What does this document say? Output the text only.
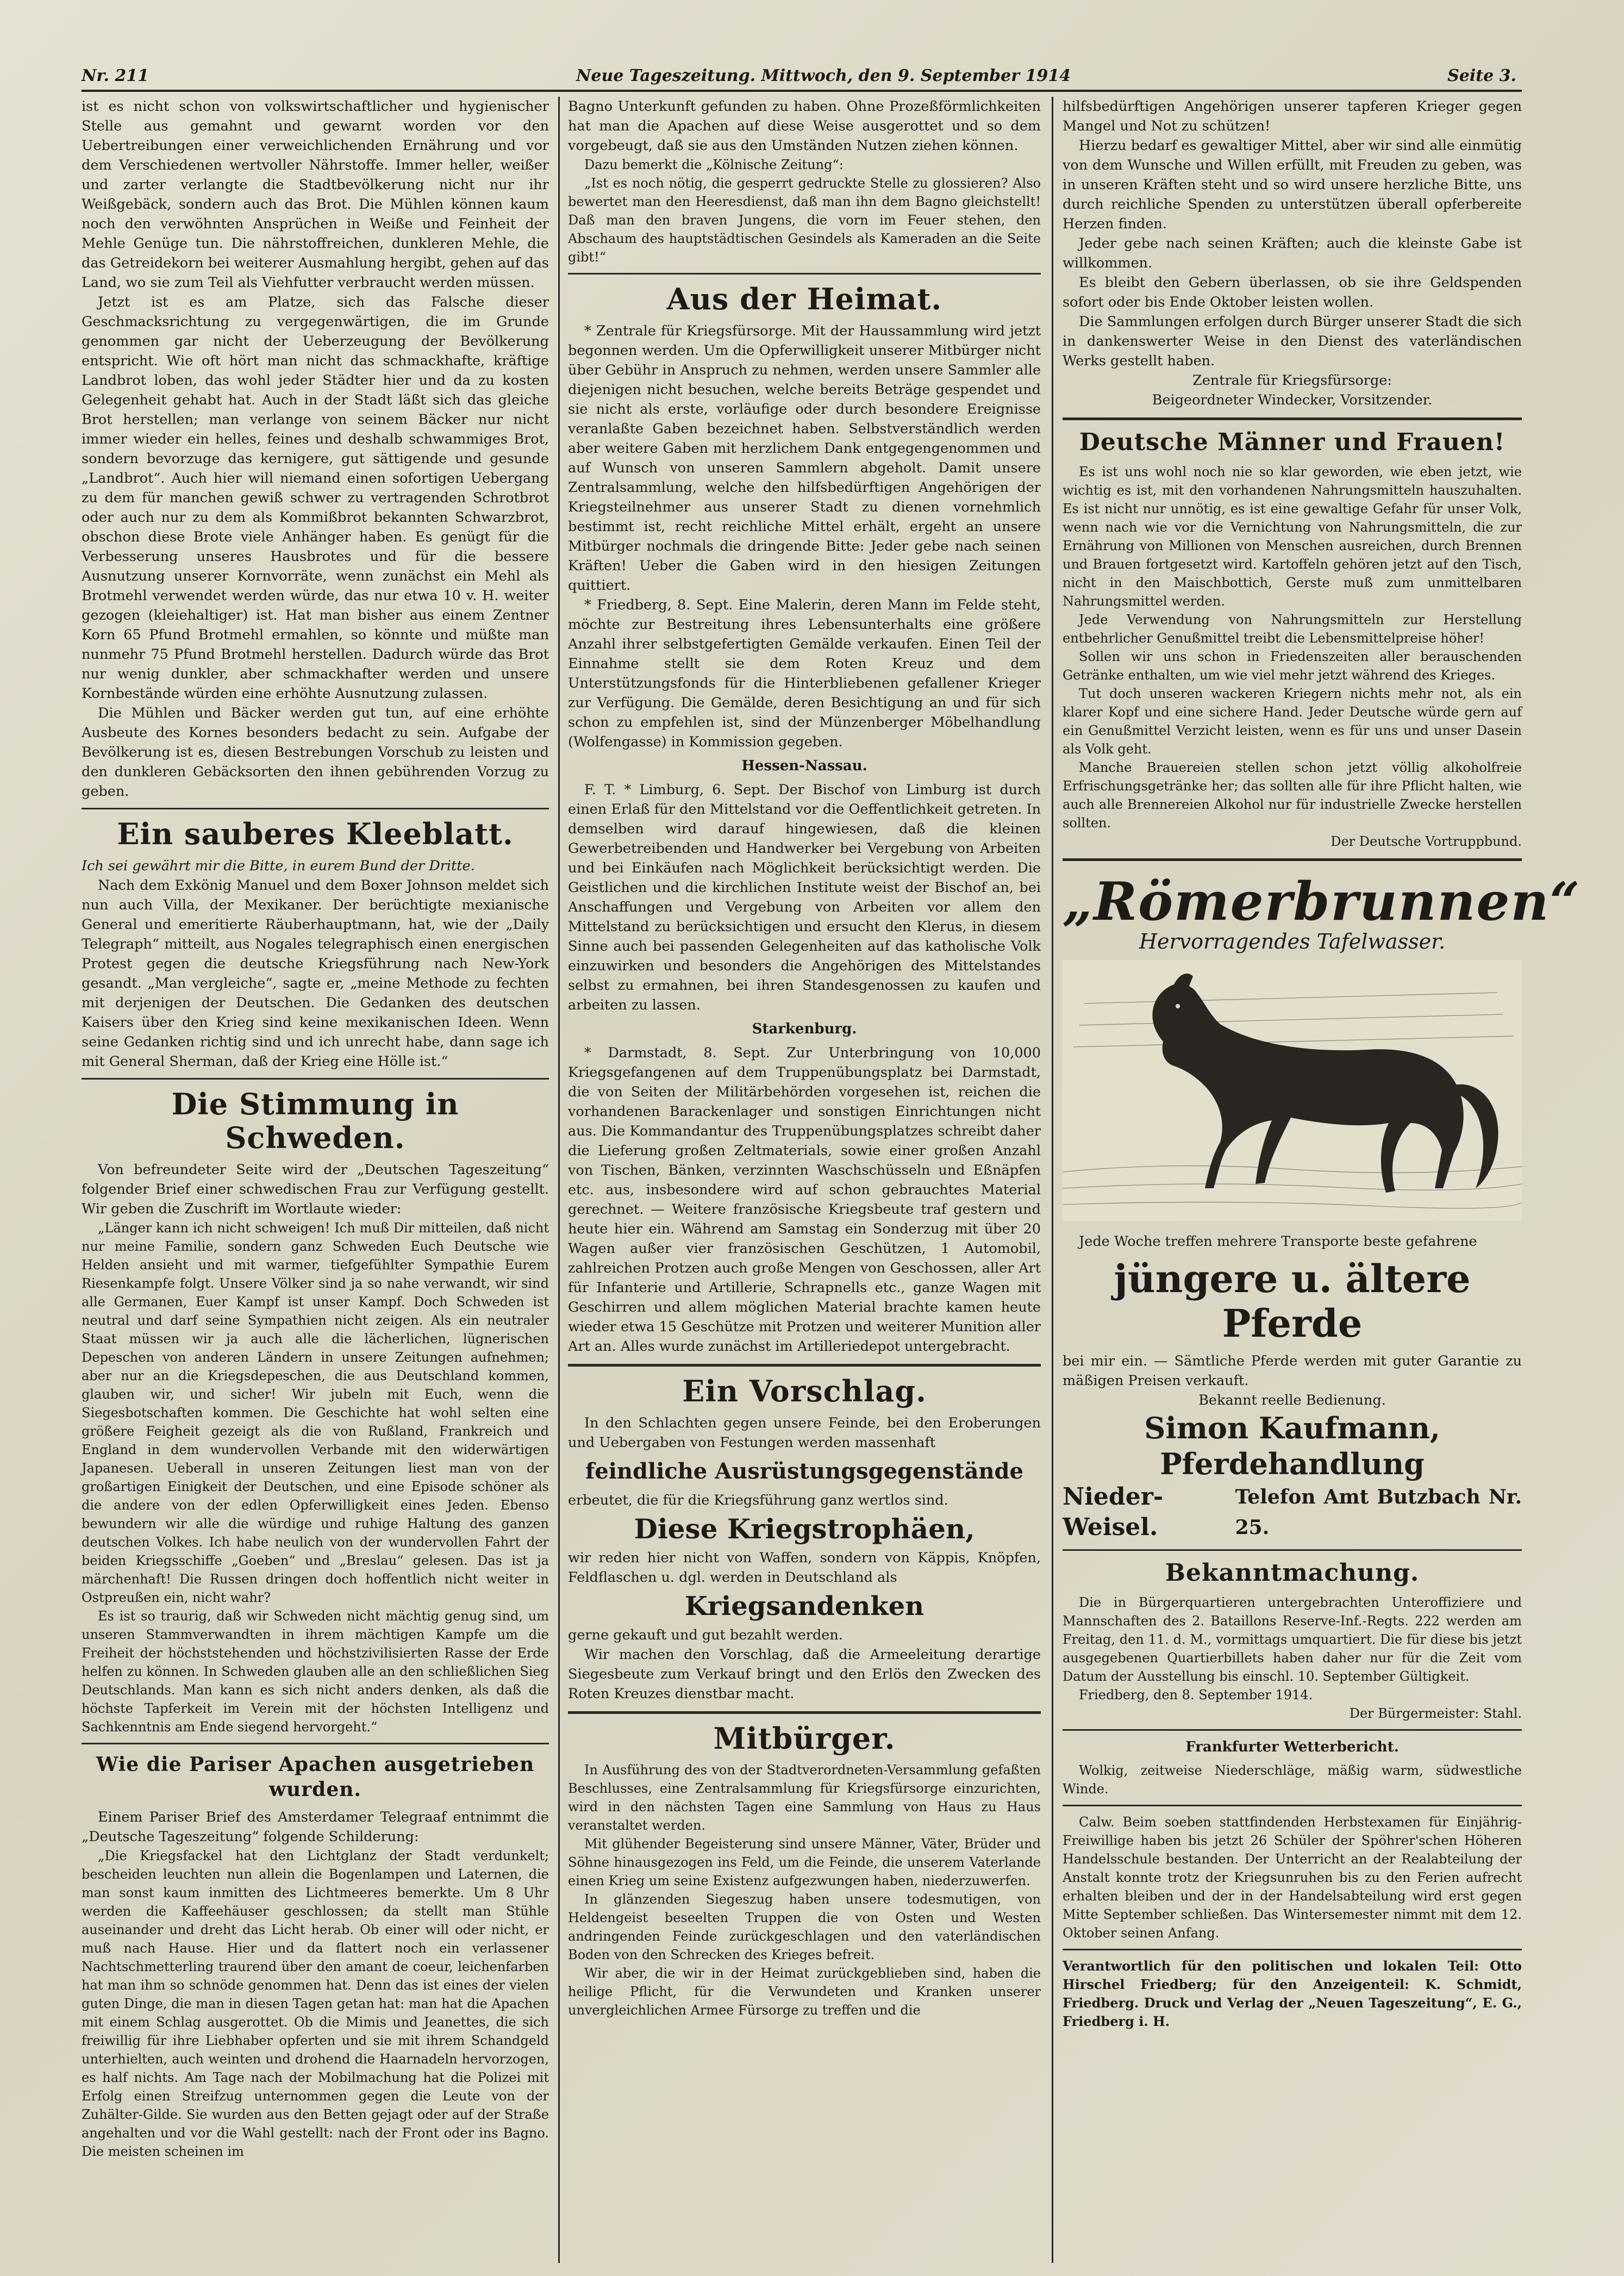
Nr. 211	Neue Tageszeitung. Mittwoch, den 9. September 1914	Seite 3.

ist es nicht schon von volkswirtschaftlicher und hygienischer Stelle aus gemahnt und gewarnt worden vor den Uebertreibungen einer verweichlichenden Ernährung und vor dem Verschiedenen wertvoller Nährstoffe. Immer heller, weißer und zarter verlangte die Stadtbevölkerung nicht nur ihr Weißgebäck, sondern auch das Brot. Die Mühlen können kaum noch den verwöhnten Ansprüchen in Weiße und Feinheit der Mehle Genüge tun. Die nährstoffreichen, dunkleren Mehle, die das Getreidekorn bei weiterer Ausmahlung hergibt, gehen auf das Land, wo sie zum Teil als Viehfutter verbraucht werden müssen.

Jetzt ist es am Platze, sich das Falsche dieser Geschmacksrichtung zu vergegenwärtigen, die im Grunde genommen gar nicht der Ueberzeugung der Bevölkerung entspricht. Wie oft hört man nicht das schmackhafte, kräftige Landbrot loben, das wohl jeder Städter hier und da zu kosten Gelegenheit gehabt hat. Auch in der Stadt läßt sich das gleiche Brot herstellen; man verlange von seinem Bäcker nur nicht immer wieder ein helles, feines und deshalb schwammiges Brot, sondern bevorzuge das kernigere, gut sättigende und gesunde „Landbrot“. Auch hier will niemand einen sofortigen Uebergang zu dem für manchen gewiß schwer zu vertragenden Schrotbrot oder auch nur zu dem als Kommißbrot bekannten Schwarzbrot, obschon diese Brote viele Anhänger haben. Es genügt für die Verbesserung unseres Hausbrotes und für die bessere Ausnutzung unserer Kornvorräte, wenn zunächst ein Mehl als Brotmehl verwendet werden würde, das nur etwa 10 v. H. weiter gezogen (kleiehaltiger) ist. Hat man bisher aus einem Zentner Korn 65 Pfund Brotmehl ermahlen, so könnte und müßte man nunmehr 75 Pfund Brotmehl herstellen. Dadurch würde das Brot nur wenig dunkler, aber schmackhafter werden und unsere Kornbestände würden eine erhöhte Ausnutzung zulassen.

Die Mühlen und Bäcker werden gut tun, auf eine erhöhte Ausbeute des Kornes besonders bedacht zu sein. Aufgabe der Bevölkerung ist es, diesen Bestrebungen Vorschub zu leisten und den dunkleren Gebäcksorten den ihnen gebührenden Vorzug zu geben.

Ein sauberes Kleeblatt.

Ich sei gewährt mir die Bitte, in eurem Bund der Dritte.

Nach dem Exkönig Manuel und dem Boxer Johnson meldet sich nun auch Villa, der Mexikaner. Der berüchtigte mexianische General und emeritierte Räuberhauptmann, hat, wie der „Daily Telegraph“ mitteilt, aus Nogales telegraphisch einen energischen Protest gegen die deutsche Kriegsführung nach New-York gesandt. „Man vergleiche“, sagte er, „meine Methode zu fechten mit derjenigen der Deutschen. Die Gedanken des deutschen Kaisers über den Krieg sind keine mexikanischen Ideen. Wenn seine Gedanken richtig sind und ich unrecht habe, dann sage ich mit General Sherman, daß der Krieg eine Hölle ist.“

Die Stimmung in Schweden.

Von befreundeter Seite wird der „Deutschen Tageszeitung“ folgender Brief einer schwedischen Frau zur Verfügung gestellt. Wir geben die Zuschrift im Wortlaute wieder:

„Länger kann ich nicht schweigen! Ich muß Dir mitteilen, daß nicht nur meine Familie, sondern ganz Schweden Euch Deutsche wie Helden ansieht und mit warmer, tiefgefühlter Sympathie Eurem Riesenkampfe folgt. Unsere Völker sind ja so nahe verwandt, wir sind alle Germanen, Euer Kampf ist unser Kampf. Doch Schweden ist neutral und darf seine Sympathien nicht zeigen. Als ein neutraler Staat müssen wir ja auch alle die lächerlichen, lügnerischen Depeschen von anderen Ländern in unsere Zeitungen aufnehmen; aber nur an die Kriegsdepeschen, die aus Deutschland kommen, glauben wir, und sicher! Wir jubeln mit Euch, wenn die Siegesbotschaften kommen. Die Geschichte hat wohl selten eine größere Feigheit gezeigt als die von Rußland, Frankreich und England in dem wundervollen Verbande mit den widerwärtigen Japanesen. Ueberall in unseren Zeitungen liest man von der großartigen Einigkeit der Deutschen, und eine Episode schöner als die andere von der edlen Opferwilligkeit eines Jeden. Ebenso bewundern wir alle die würdige und ruhige Haltung des ganzen deutschen Volkes. Ich habe neulich von der wundervollen Fahrt der beiden Kriegsschiffe „Goeben“ und „Breslau“ gelesen. Das ist ja märchenhaft! Die Russen dringen doch hoffentlich nicht weiter in Ostpreußen ein, nicht wahr?

Es ist so traurig, daß wir Schweden nicht mächtig genug sind, um unseren Stammverwandten in ihrem mächtigen Kampfe um die Freiheit der höchststehenden und höchstzivilisierten Rasse der Erde helfen zu können. In Schweden glauben alle an den schließlichen Sieg Deutschlands. Man kann es sich nicht anders denken, als daß die höchste Tapferkeit im Verein mit der höchsten Intelligenz und Sachkenntnis am Ende siegend hervorgeht.“

Wie die Pariser Apachen ausgetrieben wurden.

Einem Pariser Brief des Amsterdamer Telegraaf entnimmt die „Deutsche Tageszeitung“ folgende Schilderung:

„Die Kriegsfackel hat den Lichtglanz der Stadt verdunkelt; bescheiden leuchten nun allein die Bogenlampen und Laternen, die man sonst kaum inmitten des Lichtmeeres bemerkte. Um 8 Uhr werden die Kaffeehäuser geschlossen; da stellt man Stühle auseinander und dreht das Licht herab. Ob einer will oder nicht, er muß nach Hause. Hier und da flattert noch ein verlassener Nachtschmetterling traurend über den amant de coeur, leichenfarben hat man ihm so schnöde genommen hat. Denn das ist eines der vielen guten Dinge, die man in diesen Tagen getan hat: man hat die Apachen mit einem Schlag ausgerottet. Ob die Mimis und Jeanettes, die sich freiwillig für ihre Liebhaber opferten und sie mit ihrem Schandgeld unterhielten, auch weinten und drohend die Haarnadeln hervorzogen, es half nichts. Am Tage nach der Mobilmachung hat die Polizei mit Erfolg einen Streifzug unternommen gegen die Leute von der Zuhälter-Gilde. Sie wurden aus den Betten gejagt oder auf der Straße angehalten und vor die Wahl gestellt: nach der Front oder ins Bagno. Die meisten scheinen im

Bagno Unterkunft gefunden zu haben. Ohne Prozeßförmlichkeiten hat man die Apachen auf diese Weise ausgerottet und so dem vorgebeugt, daß sie aus den Umständen Nutzen ziehen können.

Dazu bemerkt die „Kölnische Zeitung“:

„Ist es noch nötig, die gesperrt gedruckte Stelle zu glossieren? Also bewertet man den Heeresdienst, daß man ihn dem Bagno gleichstellt! Daß man den braven Jungens, die vorn im Feuer stehen, den Abschaum des hauptstädtischen Gesindels als Kameraden an die Seite gibt!“

Aus der Heimat.

* Zentrale für Kriegsfürsorge. Mit der Haussammlung wird jetzt begonnen werden. Um die Opferwilligkeit unserer Mitbürger nicht über Gebühr in Anspruch zu nehmen, werden unsere Sammler alle diejenigen nicht besuchen, welche bereits Beträge gespendet und sie nicht als erste, vorläufige oder durch besondere Ereignisse veranlaßte Gaben bezeichnet haben. Selbstverständlich werden aber weitere Gaben mit herzlichem Dank entgegengenommen und auf Wunsch von unseren Sammlern abgeholt. Damit unsere Zentralsammlung, welche den hilfsbedürftigen Angehörigen der Kriegsteilnehmer aus unserer Stadt zu dienen vornehmlich bestimmt ist, recht reichliche Mittel erhält, ergeht an unsere Mitbürger nochmals die dringende Bitte: Jeder gebe nach seinen Kräften! Ueber die Gaben wird in den hiesigen Zeitungen quittiert.

* Friedberg, 8. Sept. Eine Malerin, deren Mann im Felde steht, möchte zur Bestreitung ihres Lebensunterhalts eine größere Anzahl ihrer selbstgefertigten Gemälde verkaufen. Einen Teil der Einnahme stellt sie dem Roten Kreuz und dem Unterstützungsfonds für die Hinterbliebenen gefallener Krieger zur Verfügung. Die Gemälde, deren Besichtigung an und für sich schon zu empfehlen ist, sind der Münzenberger Möbelhandlung (Wolfengasse) in Kommission gegeben.

Hessen-Nassau.

F. T. * Limburg, 6. Sept. Der Bischof von Limburg ist durch einen Erlaß für den Mittelstand vor die Oeffentlichkeit getreten. In demselben wird darauf hingewiesen, daß die kleinen Gewerbetreibenden und Handwerker bei Vergebung von Arbeiten und bei Einkäufen nach Möglichkeit berücksichtigt werden. Die Geistlichen und die kirchlichen Institute weist der Bischof an, bei Anschaffungen und Vergebung von Arbeiten vor allem den Mittelstand zu berücksichtigen und ersucht den Klerus, in diesem Sinne auch bei passenden Gelegenheiten auf das katholische Volk einzuwirken und besonders die Angehörigen des Mittelstandes selbst zu ermahnen, bei ihren Standesgenossen zu kaufen und arbeiten zu lassen.

Starkenburg.

* Darmstadt, 8. Sept. Zur Unterbringung von 10,000 Kriegsgefangenen auf dem Truppenübungsplatz bei Darmstadt, die von Seiten der Militärbehörden vorgesehen ist, reichen die vorhandenen Barackenlager und sonstigen Einrichtungen nicht aus. Die Kommandantur des Truppenübungsplatzes schreibt daher die Lieferung großen Zeltmaterials, sowie einer großen Anzahl von Tischen, Bänken, verzinnten Waschschüsseln und Eßnäpfen etc. aus, insbesondere wird auf schon gebrauchtes Material gerechnet. — Weitere französische Kriegsbeute traf gestern und heute hier ein. Während am Samstag ein Sonderzug mit über 20 Wagen außer vier französischen Geschützen, 1 Automobil, zahlreichen Protzen auch große Mengen von Geschossen, aller Art für Infanterie und Artillerie, Schrapnells etc., ganze Wagen mit Geschirren und allem möglichen Material brachte kamen heute wieder etwa 15 Geschütze mit Protzen und weiterer Munition aller Art an. Alles wurde zunächst im Artilleriedepot untergebracht.

Ein Vorschlag.

In den Schlachten gegen unsere Feinde, bei den Eroberungen und Uebergaben von Festungen werden massenhaft

feindliche Ausrüstungsgegenstände

erbeutet, die für die Kriegsführung ganz wertlos sind.

Diese Kriegstrophäen,

wir reden hier nicht von Waffen, sondern von Käppis, Knöpfen, Feldflaschen u. dgl. werden in Deutschland als

Kriegsandenken

gerne gekauft und gut bezahlt werden.

Wir machen den Vorschlag, daß die Armeeleitung derartige Siegesbeute zum Verkauf bringt und den Erlös den Zwecken des Roten Kreuzes dienstbar macht.

Mitbürger.

In Ausführung des von der Stadtverordneten-Versammlung gefaßten Beschlusses, eine Zentralsammlung für Kriegsfürsorge einzurichten, wird in den nächsten Tagen eine Sammlung von Haus zu Haus veranstaltet werden.

Mit glühender Begeisterung sind unsere Männer, Väter, Brüder und Söhne hinausgezogen ins Feld, um die Feinde, die unserem Vaterlande einen Krieg um seine Existenz aufgezwungen haben, niederzuwerfen.

In glänzenden Siegeszug haben unsere todesmutigen, von Heldengeist beseelten Truppen die von Osten und Westen andringenden Feinde zurückgeschlagen und den vaterländischen Boden von den Schrecken des Krieges befreit.

Wir aber, die wir in der Heimat zurückgeblieben sind, haben die heilige Pflicht, für die Verwundeten und Kranken unserer unvergleichlichen Armee Fürsorge zu treffen und die

hilfsbedürftigen Angehörigen unserer tapferen Krieger gegen Mangel und Not zu schützen!

Hierzu bedarf es gewaltiger Mittel, aber wir sind alle einmütig von dem Wunsche und Willen erfüllt, mit Freuden zu geben, was in unseren Kräften steht und so wird unsere herzliche Bitte, uns durch reichliche Spenden zu unterstützen überall opferbereite Herzen finden.

Jeder gebe nach seinen Kräften; auch die kleinste Gabe ist willkommen.

Es bleibt den Gebern überlassen, ob sie ihre Geldspenden sofort oder bis Ende Oktober leisten wollen.

Die Sammlungen erfolgen durch Bürger unserer Stadt die sich in dankenswerter Weise in den Dienst des vaterländischen Werks gestellt haben.

Zentrale für Kriegsfürsorge:

Beigeordneter Windecker, Vorsitzender.

Deutsche Männer und Frauen!

Es ist uns wohl noch nie so klar geworden, wie eben jetzt, wie wichtig es ist, mit den vorhandenen Nahrungsmitteln hauszuhalten. Es ist nicht nur unnötig, es ist eine gewaltige Gefahr für unser Volk, wenn nach wie vor die Vernichtung von Nahrungsmitteln, die zur Ernährung von Millionen von Menschen ausreichen, durch Brennen und Brauen fortgesetzt wird. Kartoffeln gehören jetzt auf den Tisch, nicht in den Maischbottich, Gerste muß zum unmittelbaren Nahrungsmittel werden.

Jede Verwendung von Nahrungsmitteln zur Herstellung entbehrlicher Genußmittel treibt die Lebensmittelpreise höher!

Sollen wir uns schon in Friedenszeiten aller berauschenden Getränke enthalten, um wie viel mehr jetzt während des Krieges.

Tut doch unseren wackeren Kriegern nichts mehr not, als ein klarer Kopf und eine sichere Hand. Jeder Deutsche würde gern auf ein Genußmittel Verzicht leisten, wenn es für uns und unser Dasein als Volk geht.

Manche Brauereien stellen schon jetzt völlig alkoholfreie Erfrischungsgetränke her; das sollten alle für ihre Pflicht halten, wie auch alle Brennereien Alkohol nur für industrielle Zwecke herstellen sollten.

Der Deutsche Vortruppbund.

„Römerbrunnen“
Hervorragendes Tafelwasser.

Jede Woche treffen mehrere Transporte beste gefahrene

jüngere u. ältere Pferde

bei mir ein. — Sämtliche Pferde werden mit guter Garantie zu mäßigen Preisen verkauft.

Bekannt reelle Bedienung.

Simon Kaufmann, Pferdehandlung
Nieder-Weisel.
Telefon Amt Butzbach Nr. 25.
Bekanntmachung.

Die in Bürgerquartieren untergebrachten Unteroffiziere und Mannschaften des 2. Bataillons Reserve-Inf.-Regts. 222 werden am Freitag, den 11. d. M., vormittags umquartiert. Die für diese bis jetzt ausgegebenen Quartierbillets haben daher nur für die Zeit vom Datum der Ausstellung bis einschl. 10. September Gültigkeit.

Friedberg, den 8. September 1914.

Der Bürgermeister: Stahl.

Frankfurter Wetterbericht.

Wolkig, zeitweise Niederschläge, mäßig warm, südwestliche Winde.

Calw. Beim soeben stattfindenden Herbstexamen für Einjährig-Freiwillige haben bis jetzt 26 Schüler der Spöhrer'schen Höheren Handelsschule bestanden. Der Unterricht an der Realabteilung der Anstalt konnte trotz der Kriegsunruhen bis zu den Ferien aufrecht erhalten bleiben und der in der Handelsabteilung wird erst gegen Mitte September schließen. Das Wintersemester nimmt mit dem 12. Oktober seinen Anfang.

Verantwortlich für den politischen und lokalen Teil: Otto Hirschel Friedberg; für den Anzeigenteil: K. Schmidt, Friedberg. Druck und Verlag der „Neuen Tageszeitung“, E. G., Friedberg i. H.
